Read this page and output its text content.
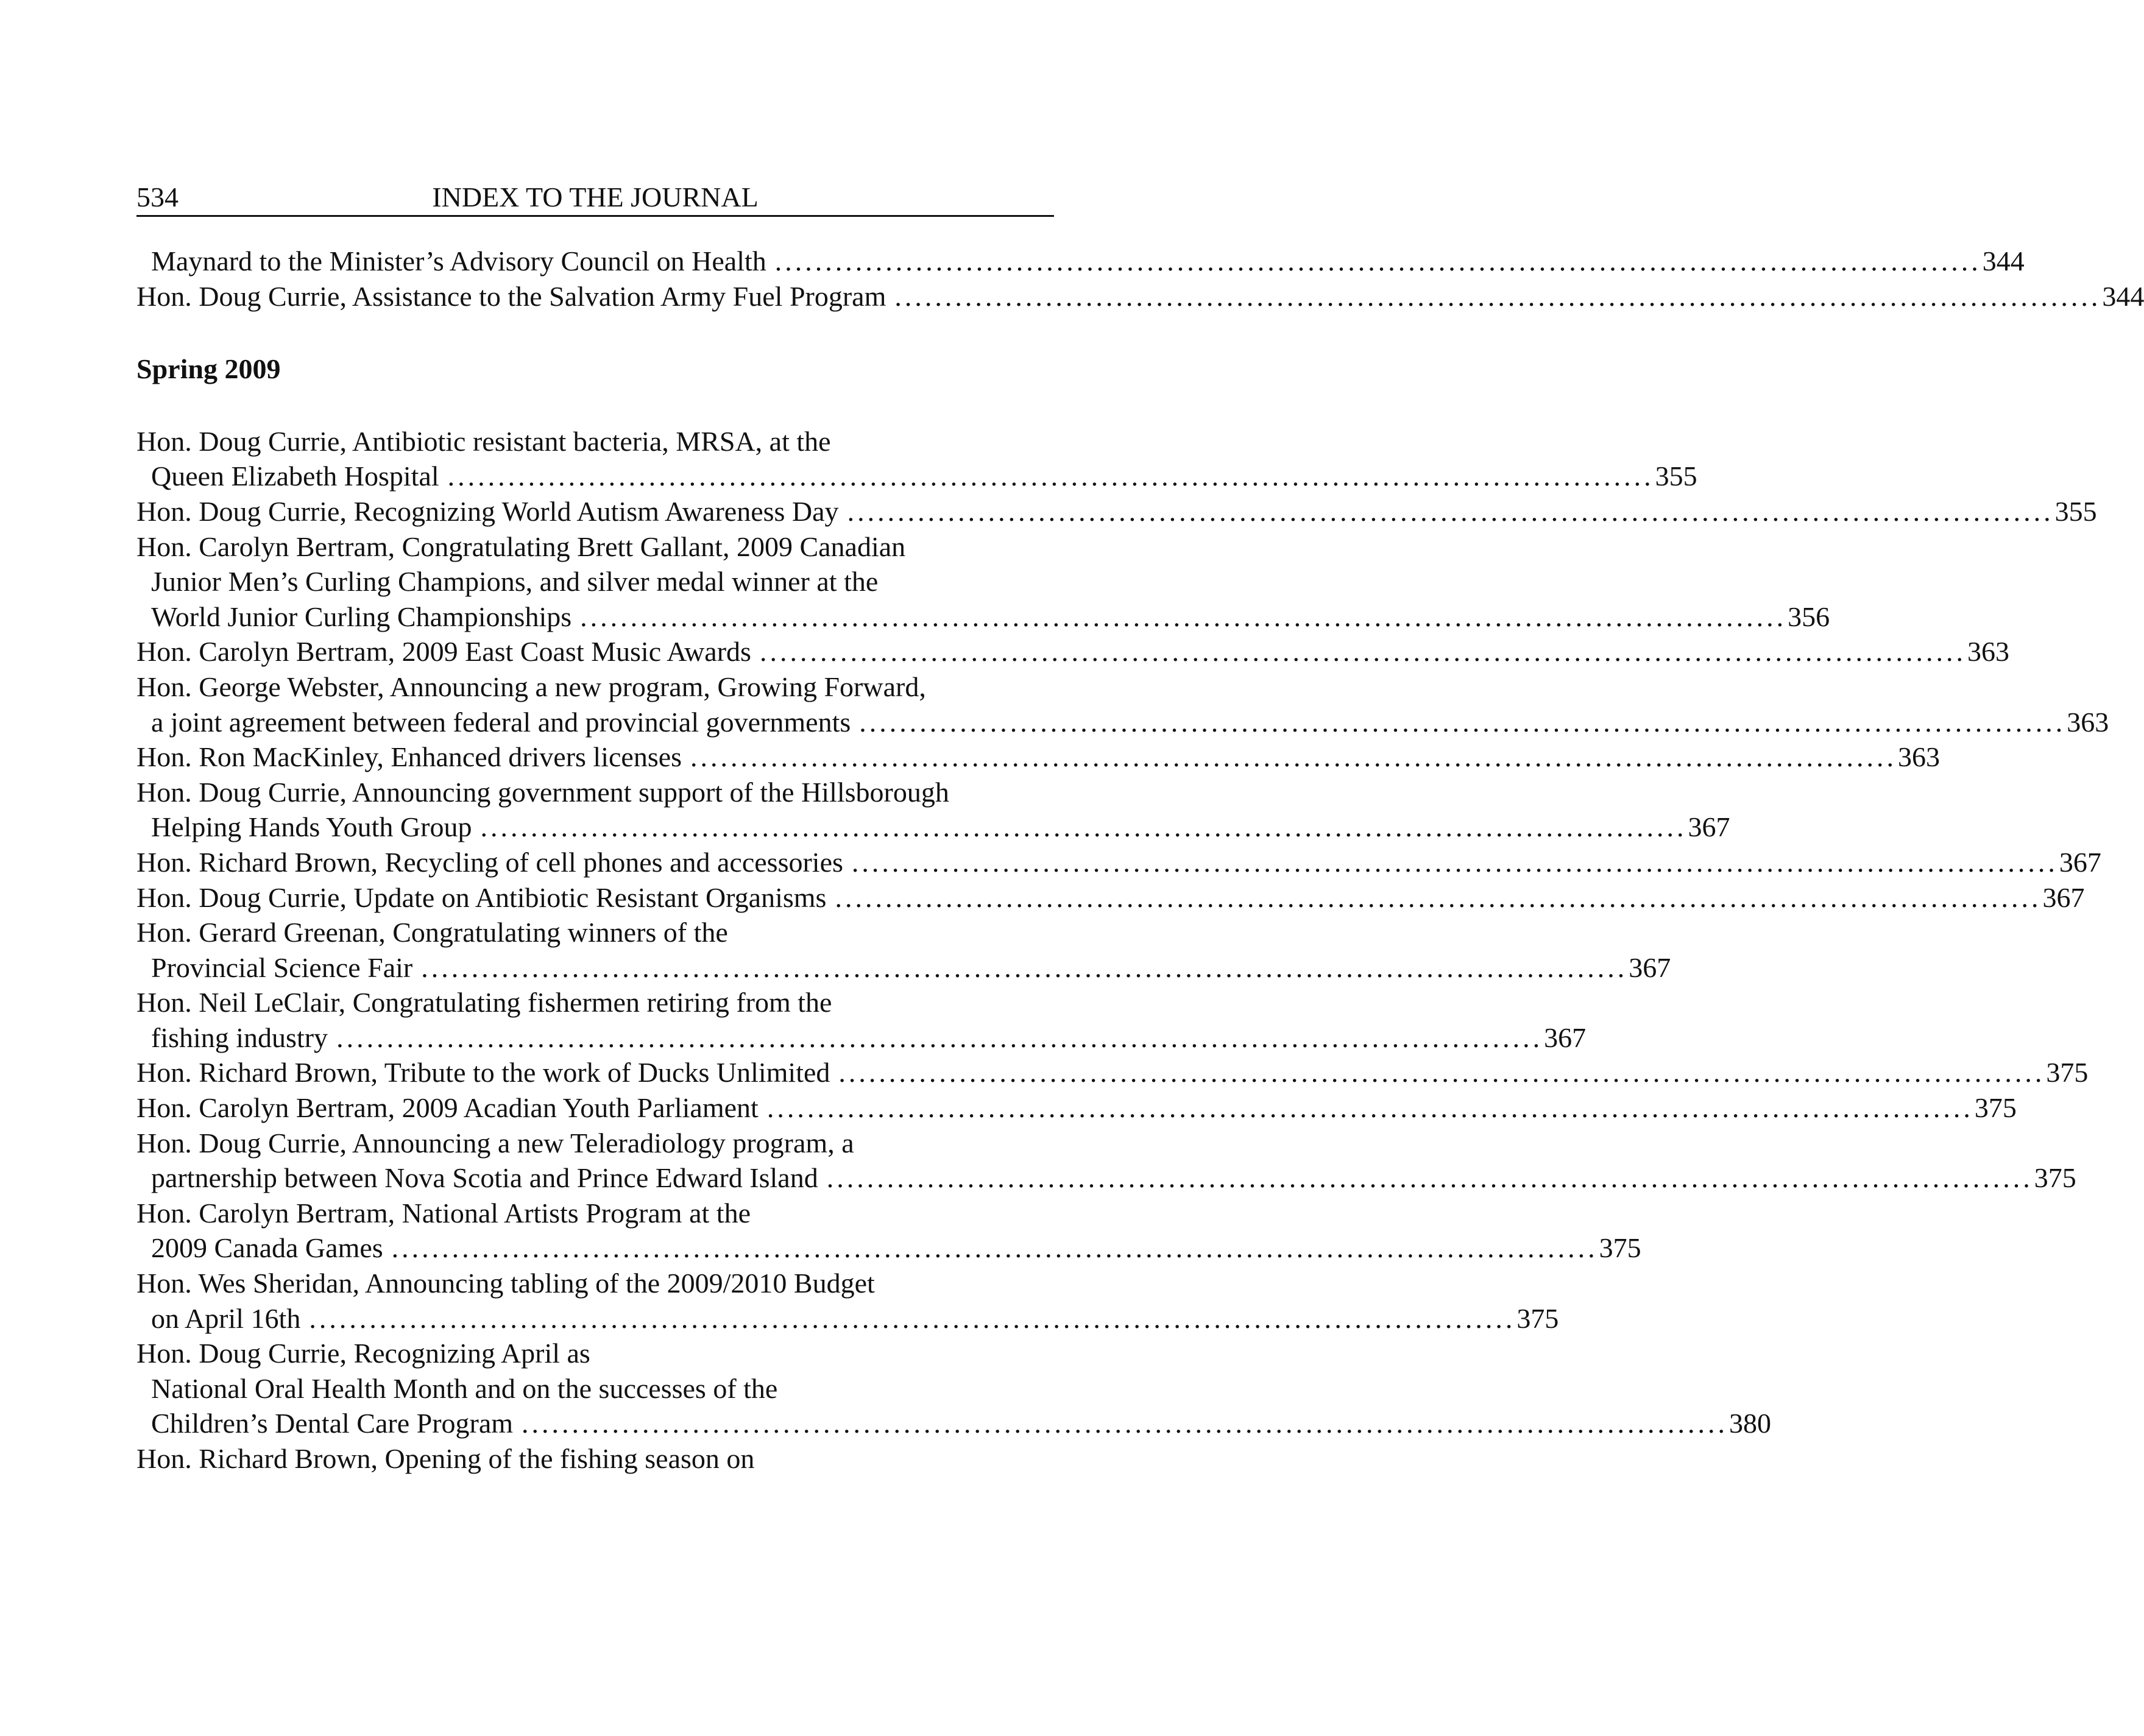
534	INDEX TO THE JOURNAL
Maynard to the Minister’s Advisory Council on Health ........................................................................................................................ 344
Hon. Doug Currie, Assistance to the Salvation Army Fuel Program ........................................................................................................................ 344
Spring 2009
Hon. Doug Currie, Antibiotic resistant bacteria, MRSA, at the
Queen Elizabeth Hospital ........................................................................................................................ 355
Hon. Doug Currie, Recognizing World Autism Awareness Day ........................................................................................................................ 355
Hon. Carolyn Bertram, Congratulating Brett Gallant, 2009 Canadian
Junior Men’s Curling Champions, and silver medal winner at the
World Junior Curling Championships ........................................................................................................................ 356
Hon. Carolyn Bertram, 2009 East Coast Music Awards ........................................................................................................................ 363
Hon. George Webster, Announcing a new program, Growing Forward,
a joint agreement between federal and provincial governments ........................................................................................................................ 363
Hon. Ron MacKinley, Enhanced drivers licenses ........................................................................................................................ 363
Hon. Doug Currie, Announcing government support of the Hillsborough
Helping Hands Youth Group ........................................................................................................................ 367
Hon. Richard Brown, Recycling of cell phones and accessories ........................................................................................................................ 367
Hon. Doug Currie, Update on Antibiotic Resistant Organisms ........................................................................................................................ 367
Hon. Gerard Greenan, Congratulating winners of the
Provincial Science Fair ........................................................................................................................ 367
Hon. Neil LeClair, Congratulating fishermen retiring from the
fishing industry ........................................................................................................................ 367
Hon. Richard Brown, Tribute to the work of Ducks Unlimited ........................................................................................................................ 375
Hon. Carolyn Bertram, 2009 Acadian Youth Parliament ........................................................................................................................ 375
Hon. Doug Currie, Announcing a new Teleradiology program, a
partnership between Nova Scotia and Prince Edward Island ........................................................................................................................ 375
Hon. Carolyn Bertram, National Artists Program at the
2009 Canada Games ........................................................................................................................ 375
Hon. Wes Sheridan, Announcing tabling of the 2009/2010 Budget
on April 16th ........................................................................................................................ 375
Hon. Doug Currie, Recognizing April as
National Oral Health Month and on the successes of the
Children’s Dental Care Program ........................................................................................................................ 380
Hon. Richard Brown, Opening of the fishing season on
